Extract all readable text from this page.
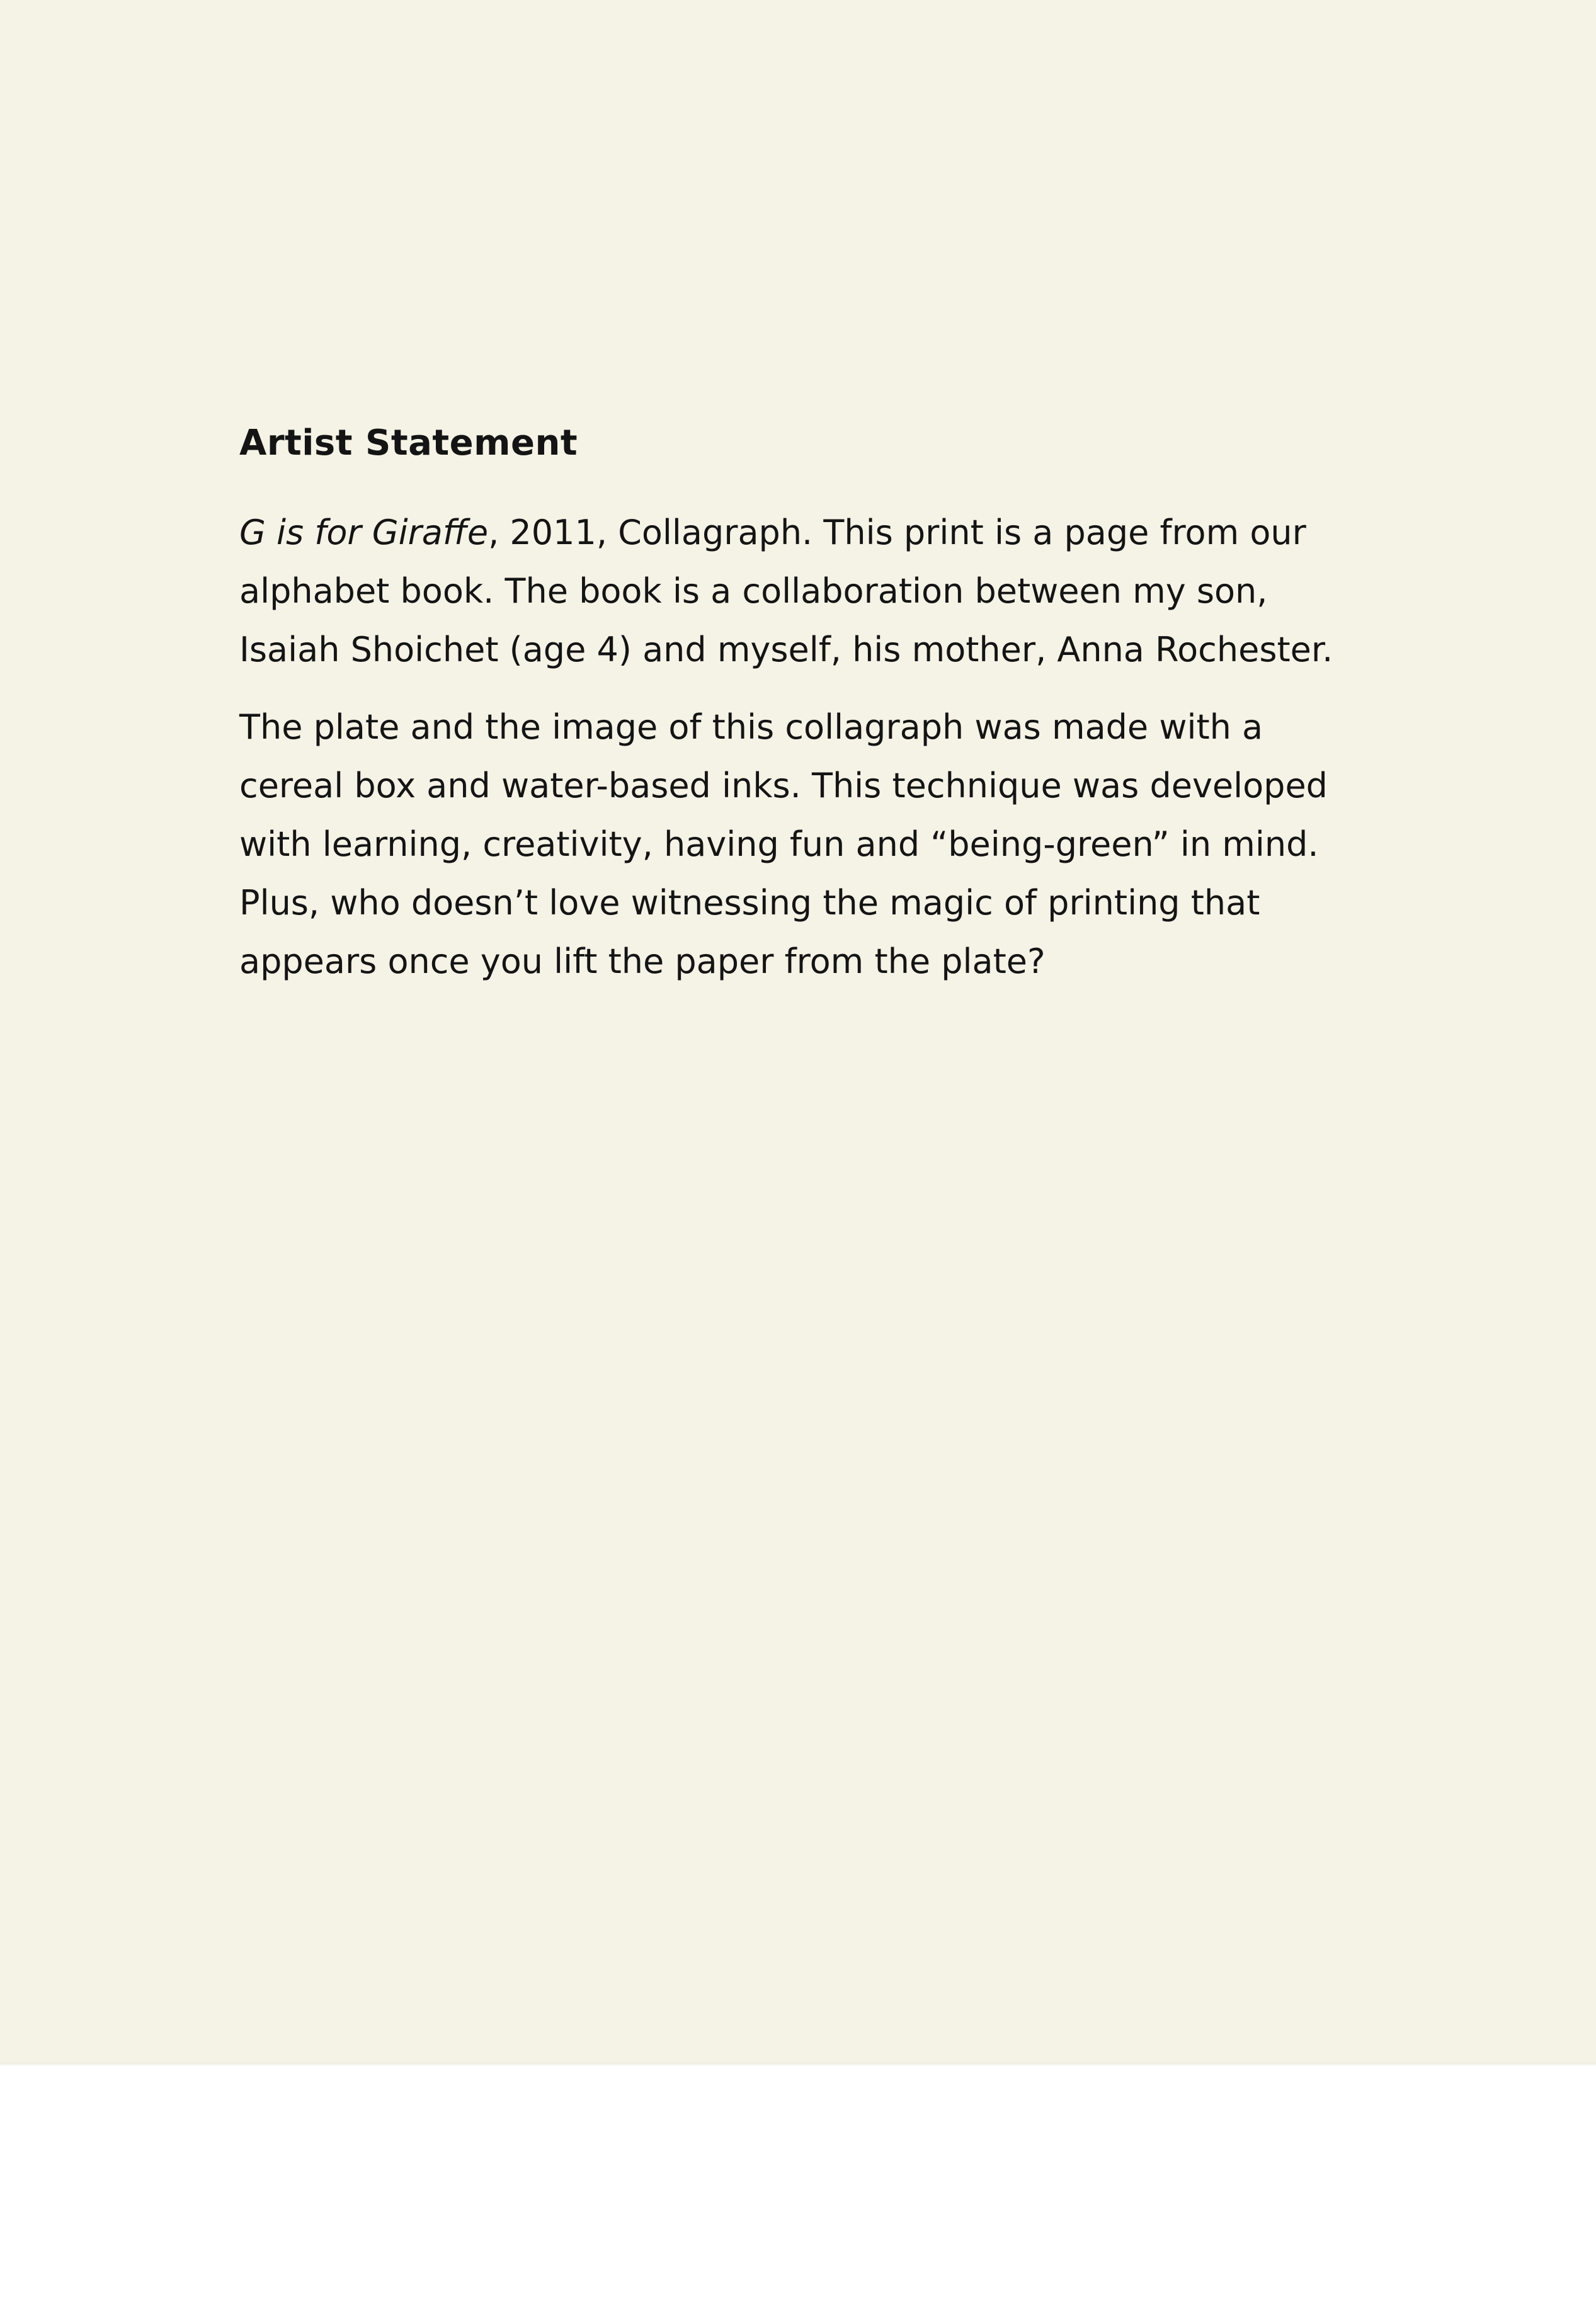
Artist Statement

G is for Giraffe, 2011, Collagraph. This print is a page from our
alphabet book. The book is a collaboration between my son,
Isaiah Shoichet (age 4) and myself, his mother, Anna Rochester.

The plate and the image of this collagraph was made with a
cereal box and water-based inks. This technique was developed
with learning, creativity, having fun and “being-green” in mind.
Plus, who doesn’t love witnessing the magic of printing that
appears once you lift the paper from the plate?
